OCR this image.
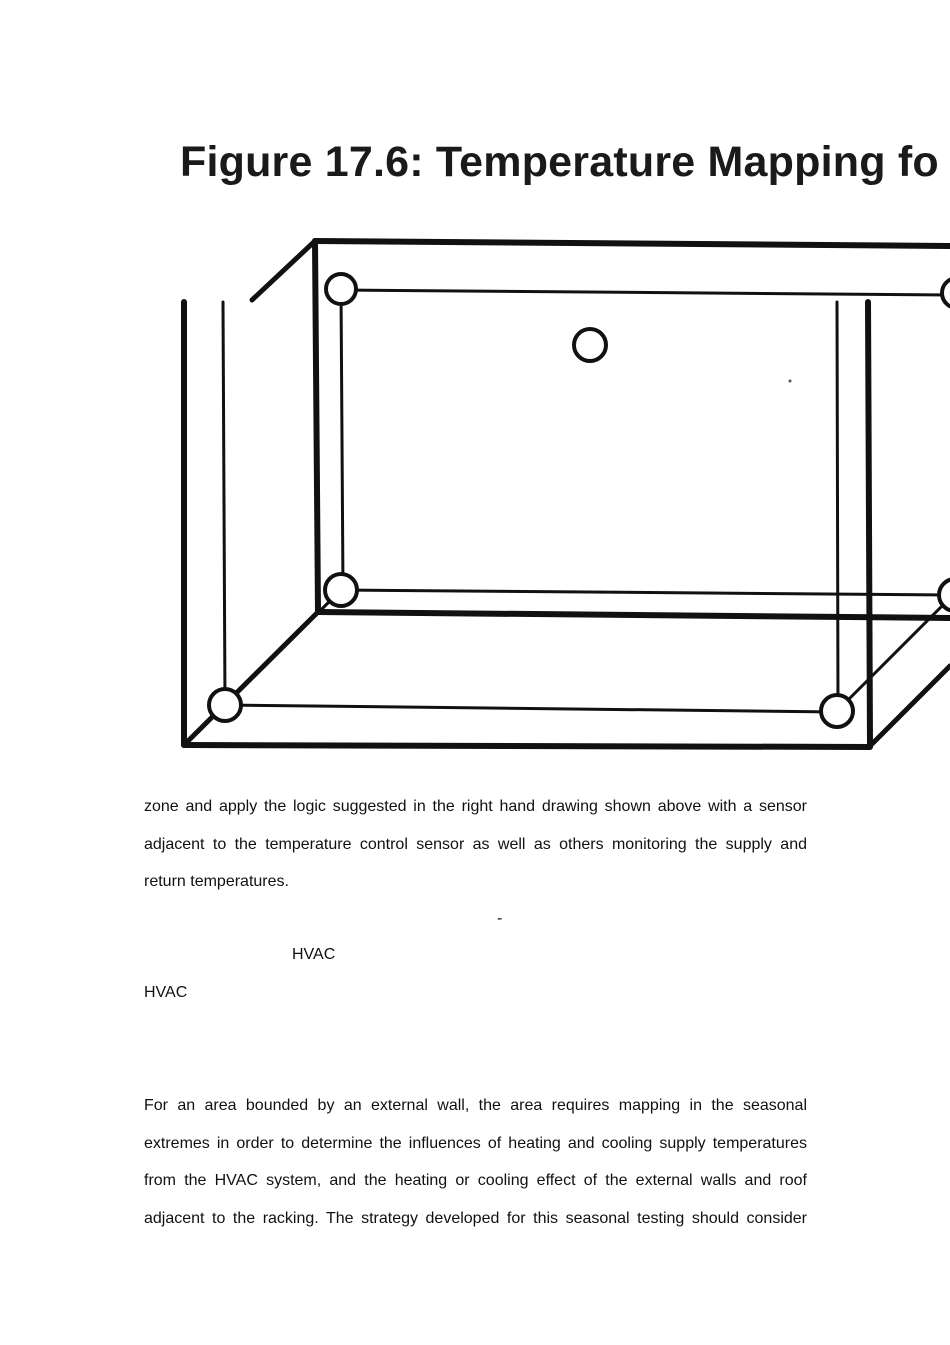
Figure 17.6: Temperature Mapping fo
zone and apply the logic suggested in the right hand drawing shown above with a sensor
adjacent to the temperature control sensor as well as others monitoring the supply and
return temperatures.
-
HVAC
HVAC
For an area bounded by an external wall, the area requires mapping in the seasonal
extremes in order to determine the influences of heating and cooling supply temperatures
from the HVAC system, and the heating or cooling effect of the external walls and roof
adjacent to the racking. The strategy developed for this seasonal testing should consider
